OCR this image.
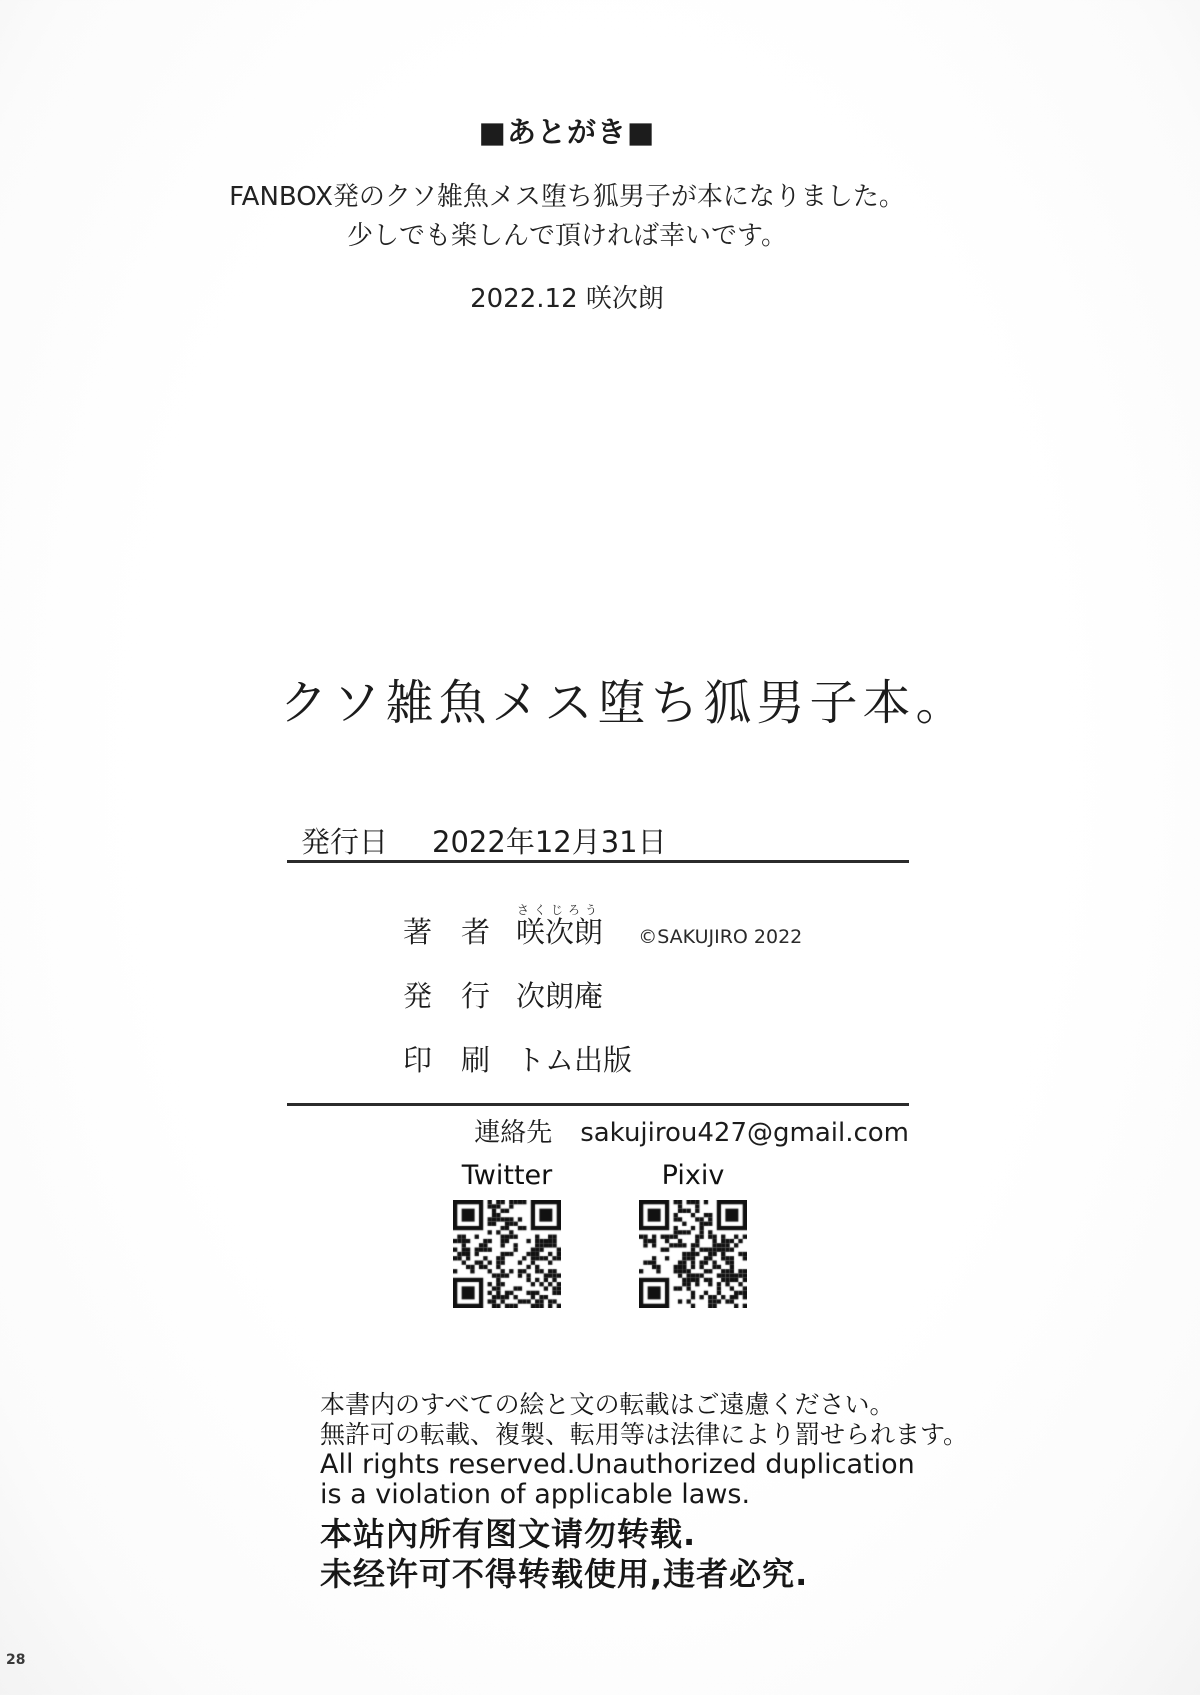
■あとがき■
FANBOX発のクソ雑魚メス堕ち狐男子が本になりました。
少しでも楽しんで頂ければ幸いです。
2022.12 咲次朗
クソ雑魚メス堕ち狐男子本。
発行日 2022年12月31日
著　者 咲次朗 さくじろう
©SAKUJIRO 2022
発　行 次朗庵
印　刷 トム出版
連絡先 sakujirou427@gmail.com
Twitter	Pixiv
本書内のすべての絵と文の転載はご遠慮ください。
無許可の転載、複製、転用等は法律により罰せられます。
All rights reserved.Unauthorized duplication
is a violation of applicable laws.
本站內所有图文请勿转载.
未经许可不得转载使用,违者必究.
28
